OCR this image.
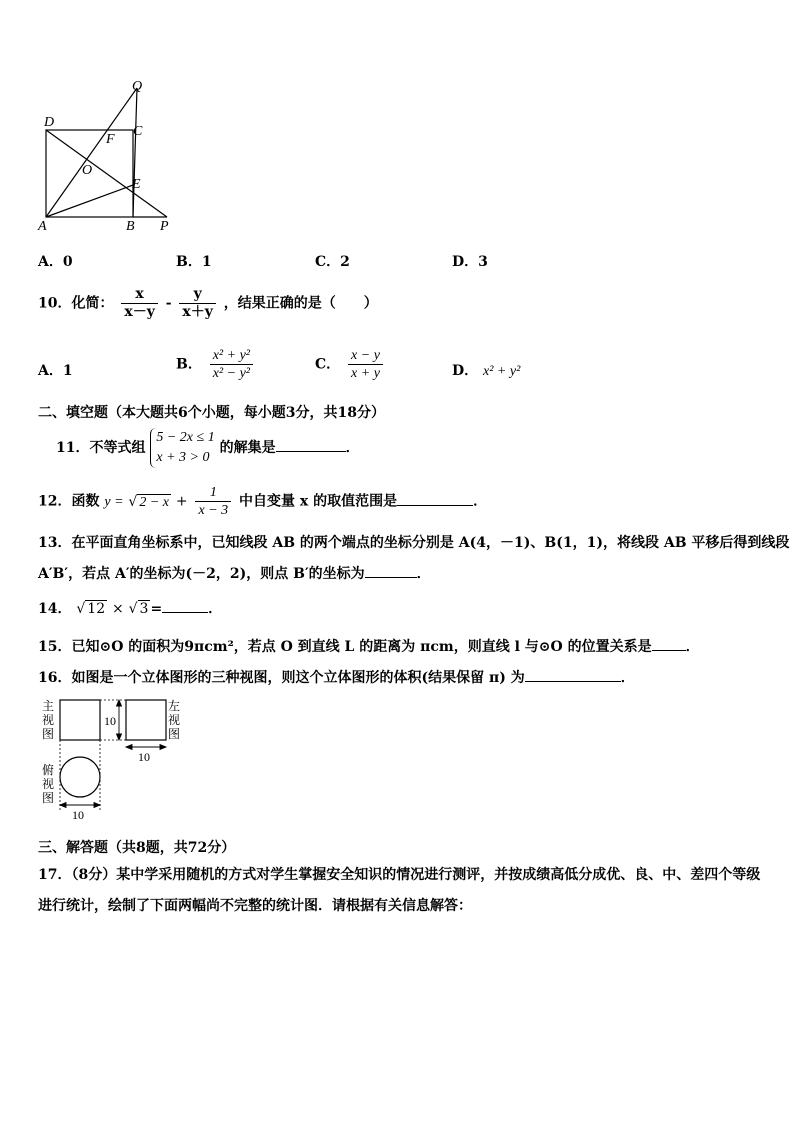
Q
D
F
C
O
E
A	B P
A．0	B．1	C．2	D．3
10．化简： $\frac{x}{x-y} - \frac{y}{x+y}$ ，结果正确的是（　　）
A．1	B． $\frac{\text{x² + y²}}{\text{x² − y²}}$	C． $\frac{x - y}{x + y}$	D． x² + y²
二、填空题（本大题共6个小题，每小题3分，共18分）
11．不等式组
5 − 2x ≤ 1
x + 3 > 0
的解集是	．
12．函数 y = √ $2 - x + \frac{1}{x - 3}$ 中自变量 x 的取值范围是	．
13．在平面直角坐标系中，已知线段 AB 的两个端点的坐标分别是 A(4，－1)、B(1，1)，将线段 AB 平移后得到线段
A′B′，若点 A′的坐标为(－2，2)，则点 B′的坐标为	．
14． √ 12 × √ 3 =	．
15．已知⊙O 的面积为9πcm²，若点 O 到直线 L 的距离为 πcm，则直线 l 与⊙O 的位置关系是 ．
16．如图是一个立体图形的三种视图，则这个立体图形的体积(结果保留 π) 为	．
主
视
图
左
视
图
俯
视
图
10
10
10
三、解答题（共8题，共72分）
17．（8分）某中学采用随机的方式对学生掌握安全知识的情况进行测评，并按成绩高低分成优、良、中、差四个等级
进行统计，绘制了下面两幅尚不完整的统计图．请根据有关信息解答：
